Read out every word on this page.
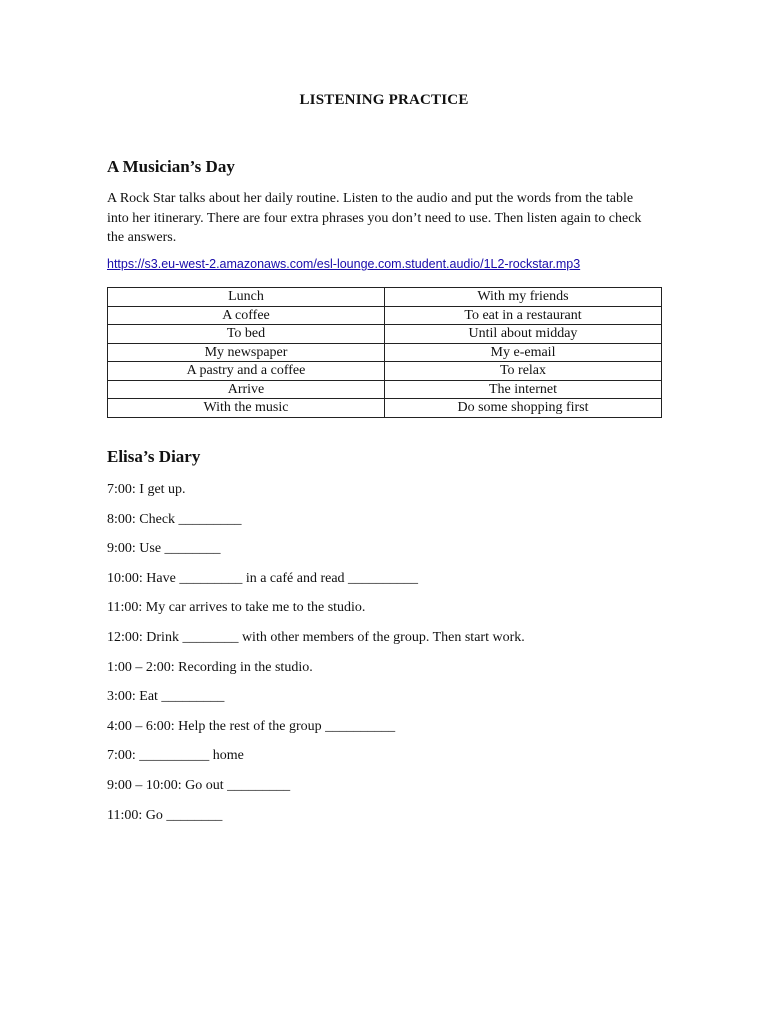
LISTENING PRACTICE
A Musician’s Day

A Rock Star talks about her daily routine. Listen to the audio and put the words from the table into her itinerary. There are four extra phrases you don’t need to use. Then listen again to check the answers.

https://s3.eu-west-2.amazonaws.com/esl-lounge.com.student.audio/1L2-rockstar.mp3
Lunch	With my friends
A coffee	To eat in a restaurant
To bed	Until about midday
My newspaper	My e-email
A pastry and a coffee	To relax
Arrive	The internet
With the music	Do some shopping first
Elisa’s Diary
7:00: I get up.
8:00: Check _________
9:00: Use ________
10:00: Have _________ in a café and read __________
11:00: My car arrives to take me to the studio.
12:00: Drink ________ with other members of the group. Then start work.
1:00 – 2:00: Recording in the studio.
3:00: Eat _________
4:00 – 6:00: Help the rest of the group __________
7:00: __________ home
9:00 – 10:00: Go out _________
11:00: Go ________
